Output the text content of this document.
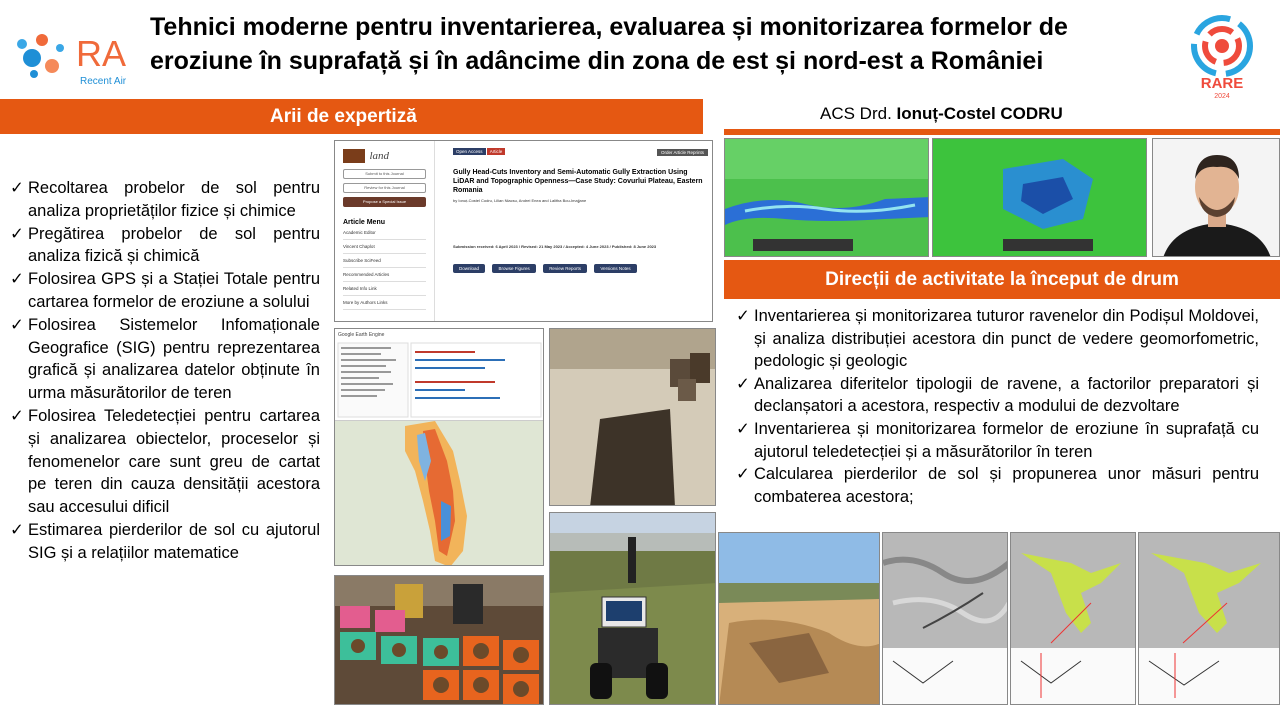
RA
Recent Air
Tehnici moderne pentru inventarierea, evaluarea și monitorizarea formelor de
eroziune în suprafață și în adâncime din zona de est și nord-est a României
RARE
2024
Arii de expertiză	ACS Drd. Ionuț-Costel CODRU
Direcții de activitate la început de drum
✓ Recoltarea probelor de sol pentru analiza proprietăților fizice și chimice
✓ Pregătirea probelor de sol pentru analiza fizică și chimică
✓ Folosirea GPS și a Stației Totale pentru cartarea formelor de eroziune a solului
✓ Folosirea Sistemelor Infomaționale Geografice (SIG) pentru reprezentarea grafică și analizarea datelor obținute în urma măsurătorilor de teren
✓ Folosirea Teledetecției pentru cartarea și analizarea obiectelor, proceselor și fenomenelor care sunt greu de cartat pe teren din cauza densității acestora sau accesului dificil
✓ Estimarea pierderilor de sol cu ajutorul SIG și a relațiilor matematice
✓ Inventarierea și monitorizarea tuturor ravenelor din Podișul Moldovei, și analiza distribuției acestora din punct de vedere geomorfometric, pedologic și geologic
✓ Analizarea diferitelor tipologii de ravene, a factorilor preparatori și declanșatori a acestora, respectiv a modului de dezvoltare
✓ Inventarierea și monitorizarea formelor de eroziune în suprafață cu ajutorul teledetecției și a măsurătorilor în teren
✓ Calcularea pierderilor de sol și propunerea unor măsuri pentru combaterea acestora;
land
Submit to this Journal
Review for this Journal
Propose a Special Issue
Article Menu
Academic Editor
Vincent Chaplot
Subscribe SciFeed
Recommended Articles
Related Info Link
More by Authors Links
Open Access Article	Order Article Reprints
Gully Head-Cuts Inventory and Semi-Automatic Gully Extraction Using LiDAR and Topographic Openness—Case Study: Covurlui Plateau, Eastern Romania
by Ionuț-Costel Codru, Lilian Niacsu, Andrei Enea and Lalitha Bou-Imajjane
Submission received: 6 April 2023 / Revised: 21 May 2023 / Accepted: 4 June 2023 / Published: 8 June 2023
Download	Browse Figures	Review Reports	Versions Notes
Google Earth Engine
